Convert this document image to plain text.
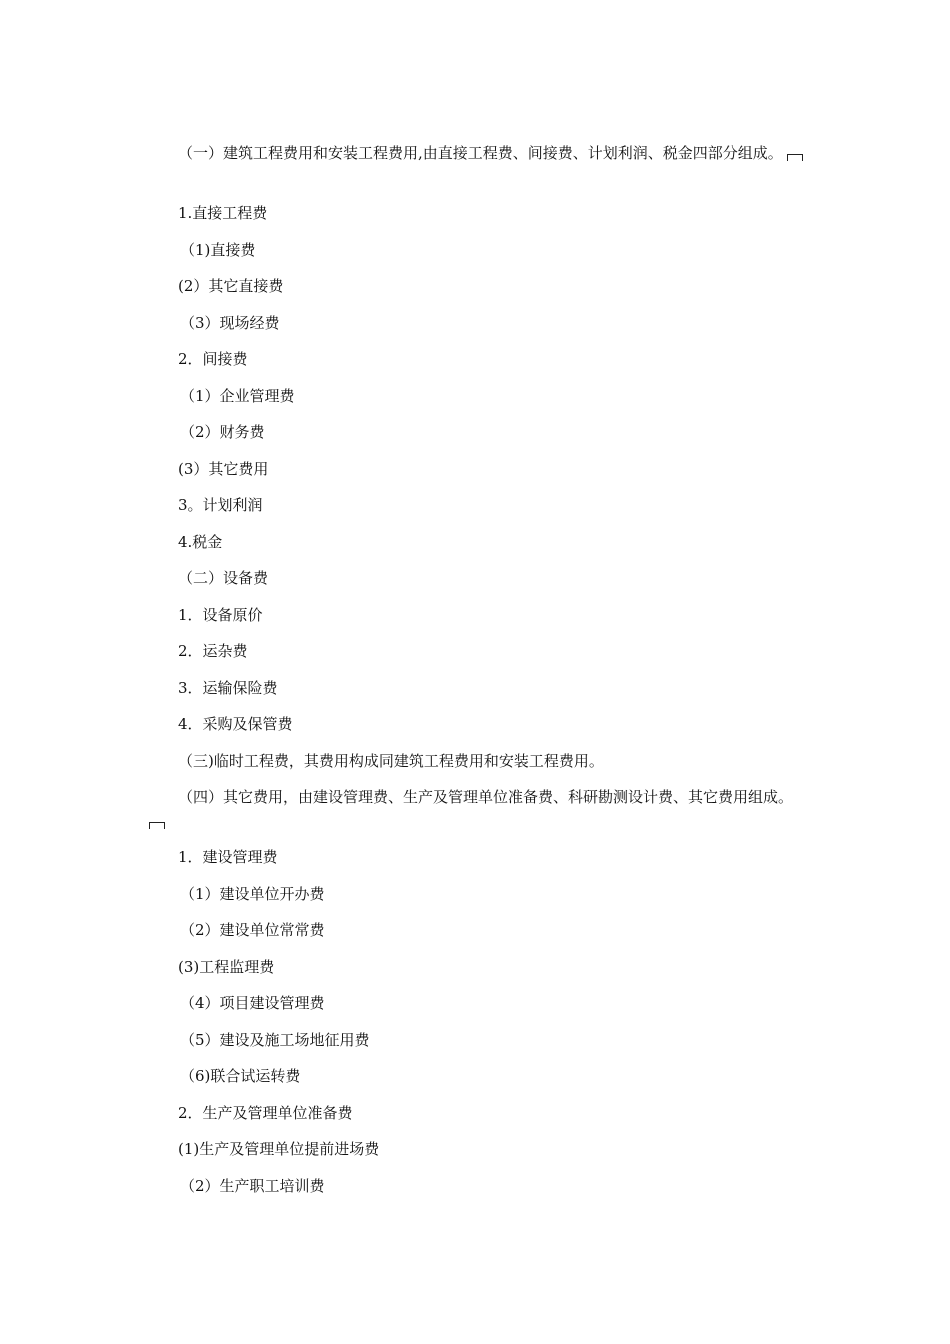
（一）建筑工程费用和安装工程费用,由直接工程费、间接费、计划利润、税金四部分组成。

1.直接工程费

（1)直接费

(2）其它直接费

（3）现场经费

2．间接费

（1）企业管理费

（2）财务费

(3）其它费用

3。计划利润

4.税金

（二）设备费

1．设备原价

2．运杂费

3．运输保险费

4．采购及保管费

（三)临时工程费，其费用构成同建筑工程费用和安装工程费用。

（四）其它费用，由建设管理费、生产及管理单位准备费、科研勘测设计费、其它费用组成。

1．建设管理费

（1）建设单位开办费

（2）建设单位常常费

(3)工程监理费

（4）项目建设管理费

（5）建设及施工场地征用费

（6)联合试运转费

2．生产及管理单位准备费

(1)生产及管理单位提前进场费

（2）生产职工培训费
